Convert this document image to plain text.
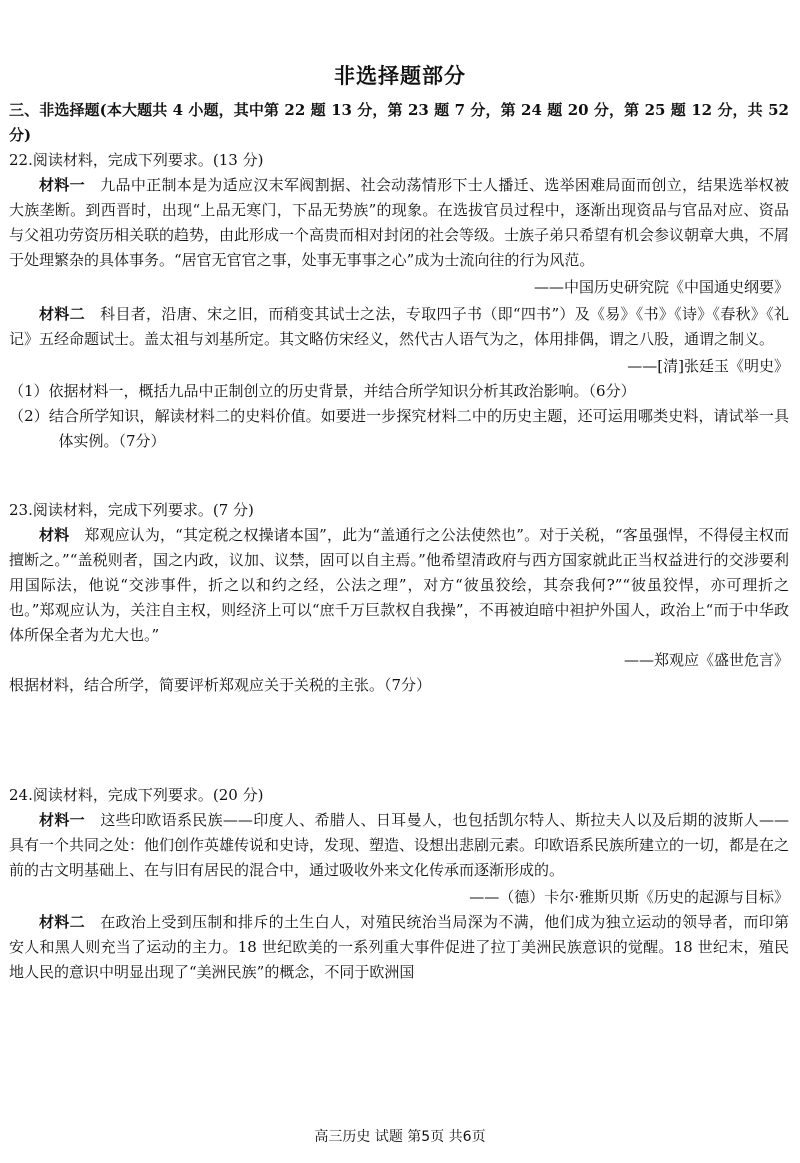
非选择题部分

三、非选择题(本大题共 4 小题，其中第 22 题 13 分，第 23 题 7 分，第 24 题 20 分，第 25 题 12 分，共 52 分)

22.阅读材料，完成下列要求。(13 分)

材料一　 九品中正制本是为适应汉末军阀割据、社会动荡情形下士人播迁、选举困难局面而创立，结果选举权被大族垄断。到西晋时，出现“上品无寒门，下品无势族”的现象。在选拔官员过程中，逐渐出现资品与官品对应、资品与父祖功劳资历相关联的趋势，由此形成一个高贵而相对封闭的社会等级。士族子弟只希望有机会参议朝章大典，不屑于处理繁杂的具体事务。“居官无官官之事，处事无事事之心”成为士流向往的行为风范。

——中国历史研究院《中国通史纲要》

材料二　 科目者，沿唐、宋之旧，而稍变其试士之法，专取四子书（即“四书”）及《易》《书》《诗》《春秋》《礼记》五经命题试士。盖太祖与刘基所定。其文略仿宋经义，然代古人语气为之，体用排偶，谓之八股，通谓之制义。

——[清]张廷玉《明史》

（1）依据材料一，概括九品中正制创立的历史背景，并结合所学知识分析其政治影响。（6分）

（2）结合所学知识，解读材料二的史料价值。如要进一步探究材料二中的历史主题，还可运用哪类史料，请试举一具体实例。（7分）

23.阅读材料，完成下列要求。(7 分)

材料　 郑观应认为，“其定税之权操诸本国”，此为“盖通行之公法使然也”。对于关税，“客虽强悍，不得侵主权而擅断之。”“盖税则者，国之内政，议加、议禁，固可以自主焉。”他希望清政府与西方国家就此正当权益进行的交涉要利用国际法，他说“交涉事件，折之以和约之经，公法之理”，对方“彼虽狡绘，其奈我何?”“彼虽狡悍，亦可理折之也。”郑观应认为，关注自主权，则经济上可以“庶千万巨款权自我操”，不再被迫暗中袒护外国人，政治上“而于中华政体所保全者为尤大也。”

——郑观应《盛世危言》

根据材料，结合所学，简要评析郑观应关于关税的主张。（7分）

24.阅读材料，完成下列要求。(20 分)

材料一　 这些印欧语系民族——印度人、希腊人、日耳曼人，也包括凯尔特人、斯拉夫人以及后期的波斯人——具有一个共同之处：他们创作英雄传说和史诗，发现、塑造、设想出悲剧元素。印欧语系民族所建立的一切，都是在之前的古文明基础上、在与旧有居民的混合中，通过吸收外来文化传承而逐渐形成的。

——（德）卡尔·雅斯贝斯《历史的起源与目标》

材料二　 在政治上受到压制和排斥的土生白人，对殖民统治当局深为不满，他们成为独立运动的领导者，而印第安人和黑人则充当了运动的主力。18 世纪欧美的一系列重大事件促进了拉丁美洲民族意识的觉醒。18 世纪末，殖民地人民的意识中明显出现了“美洲民族”的概念，不同于欧洲国

高三历史 试题 第5页 共6页
